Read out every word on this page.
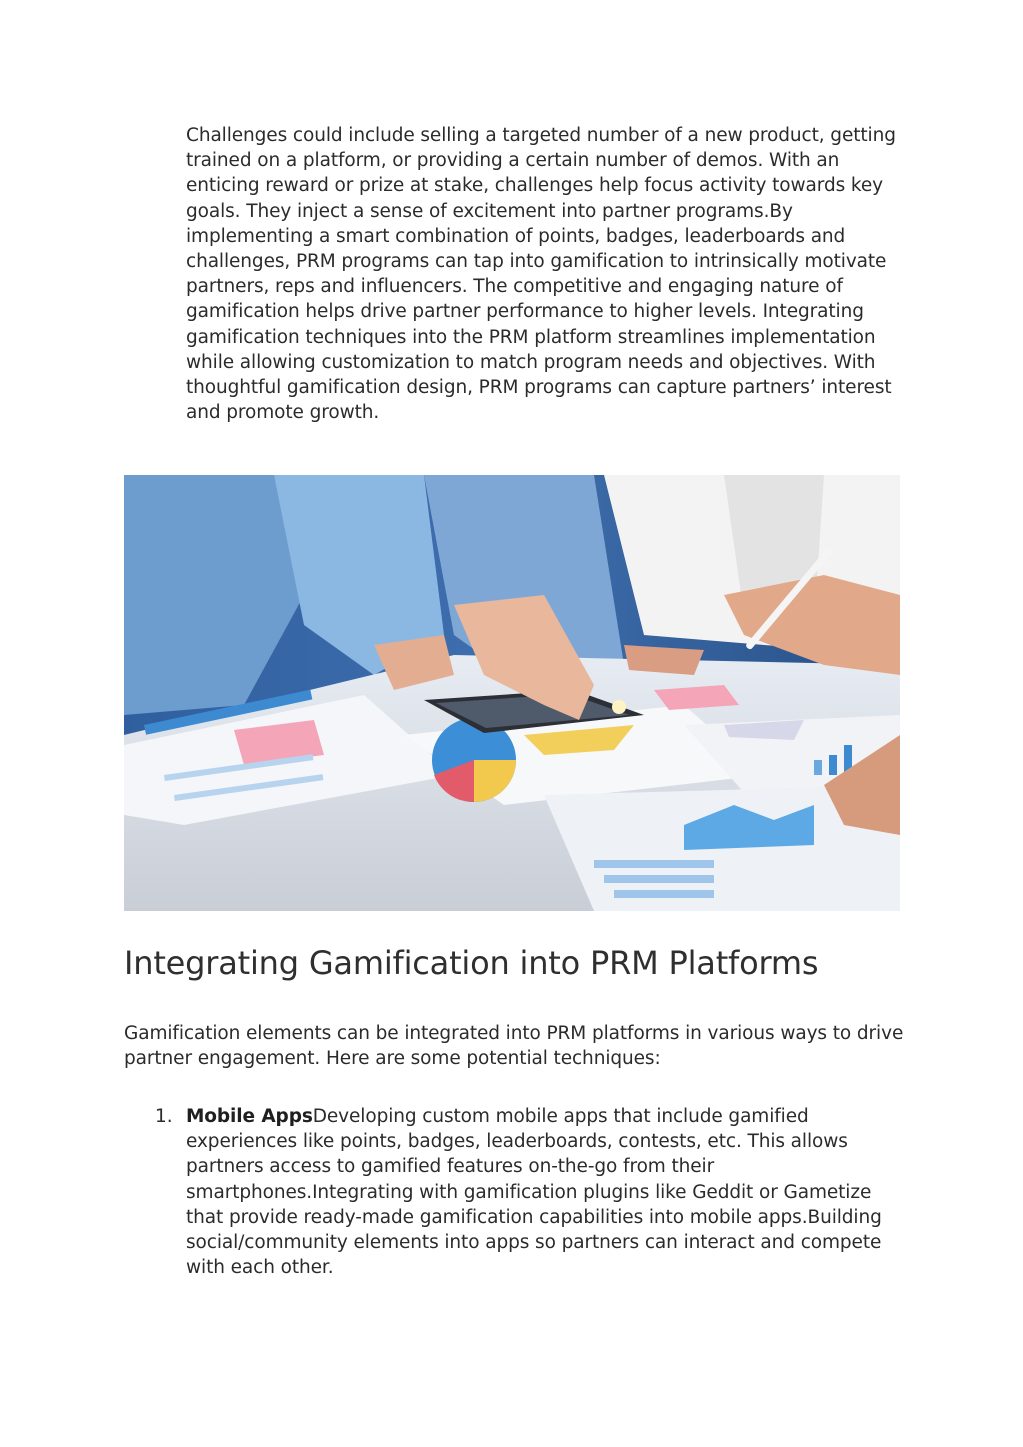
Challenges could include selling a targeted number of a new product, getting trained on a platform, or providing a certain number of demos. With an enticing reward or prize at stake, challenges help focus activity towards key goals. They inject a sense of excitement into partner programs.By implementing a smart combination of points, badges, leaderboards and challenges, PRM programs can tap into gamification to intrinsically motivate partners, reps and influencers. The competitive and engaging nature of gamification helps drive partner performance to higher levels. Integrating gamification techniques into the PRM platform streamlines implementation while allowing customization to match program needs and objectives. With thoughtful gamification design, PRM programs can capture partners’ interest and promote growth.

Integrating Gamification into PRM Platforms

Gamification elements can be integrated into PRM platforms in various ways to drive partner engagement. Here are some potential techniques:

1. Mobile AppsDeveloping custom mobile apps that include gamified experiences like points, badges, leaderboards, contests, etc. This allows partners access to gamified features on-the-go from their smartphones.Integrating with gamification plugins like Geddit or Gametize that provide ready-made gamification capabilities into mobile apps.Building social/community elements into apps so partners can interact and compete with each other.
